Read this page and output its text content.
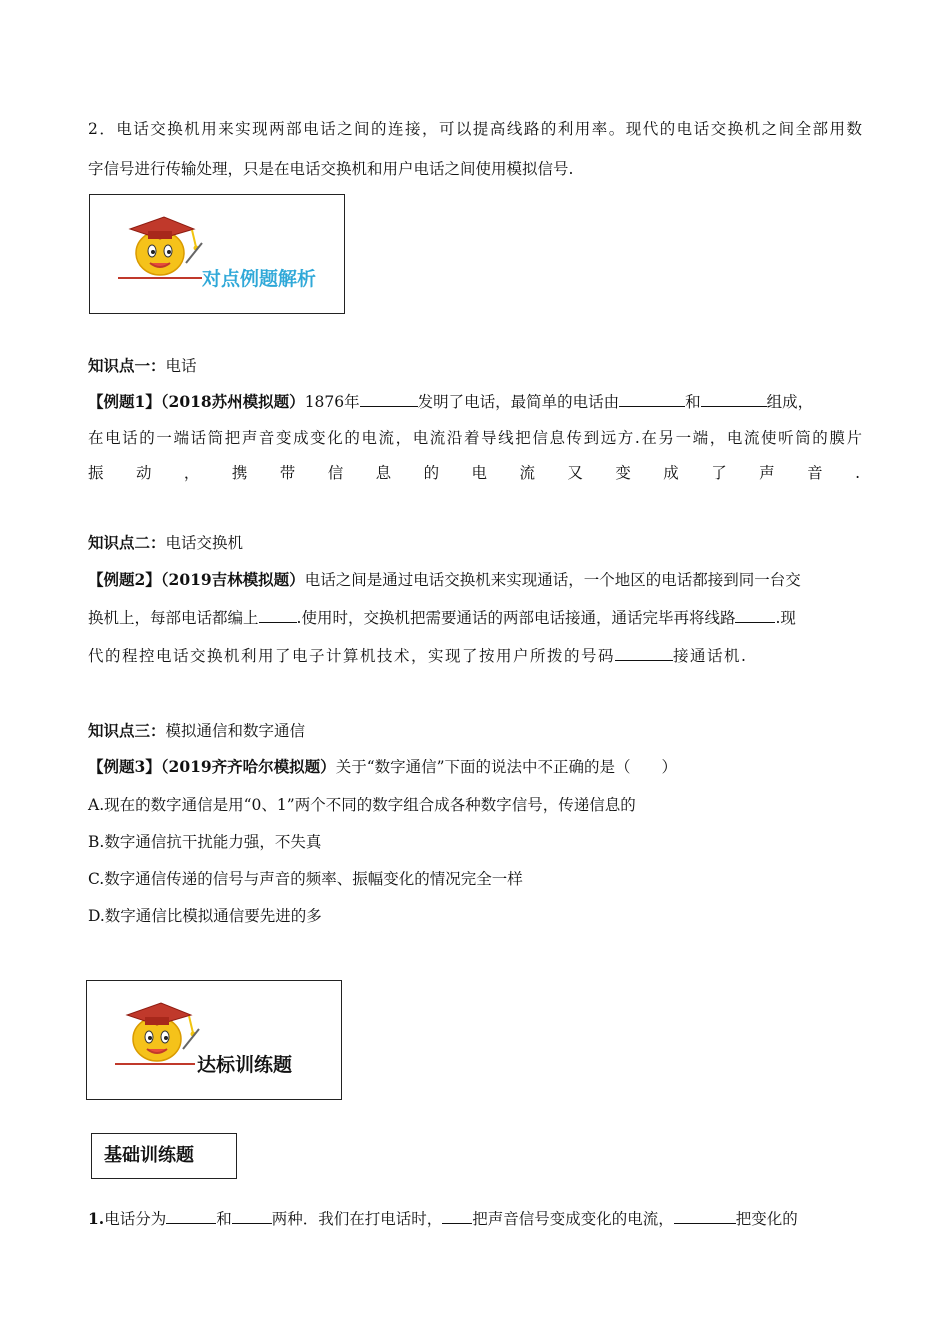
2．电话交换机用来实现两部电话之间的连接，可以提高线路的利用率。现代的电话交换机之间全部用数
字信号进行传输处理，只是在电话交换机和用户电话之间使用模拟信号.
对点例题解析
知识点一：电话
【例题1】（2018苏州模拟题）1876年	发明了电话，最简单的电话由	和	组成，
在电话的一端话筒把声音变成变化的电流，电流沿着导线把信息传到远方.在另一端，电流使听筒的膜片
振动，携带信息的电流又变成了声音.
知识点二：电话交换机
【例题2】（2019吉林模拟题）电话之间是通过电话交换机来实现通话，一个地区的电话都接到同一台交
换机上，每部电话都编上 .使用时，交换机把需要通话的两部电话接通，通话完毕再将线路	.现
代的程控电话交换机利用了电子计算机技术，实现了按用户所拨的号码	接通话机.
知识点三：模拟通信和数字通信
【例题3】（2019齐齐哈尔模拟题）关于“数字通信”下面的说法中不正确的是（　　）
A.现在的数字通信是用“0、1”两个不同的数字组合成各种数字信号，传递信息的
B.数字通信抗干扰能力强，不失真
C.数字通信传递的信号与声音的频率、振幅变化的情况完全一样
D.数字通信比模拟通信要先进的多
达标训练题
基础训练题
1.电话分为	和	两种．我们在打电话时， 把声音信号变成变化的电流，	把变化的
